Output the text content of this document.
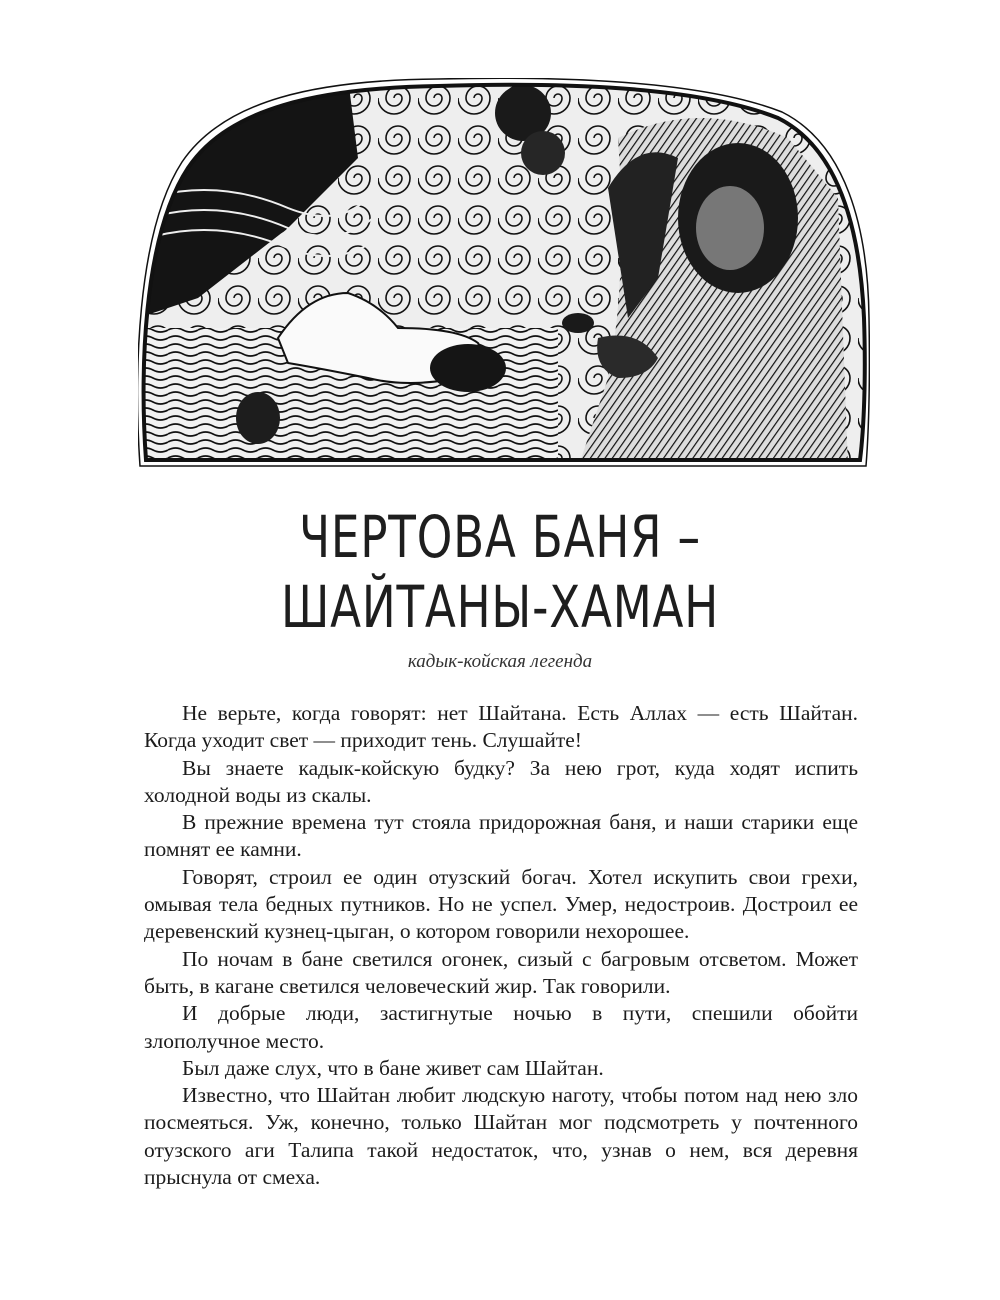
ЧЕРТОВА БАНЯ –
ШАЙТАНЫ-ХАМАН
кадык-койская легенда

Не верьте, когда говорят: нет Шайтана. Есть Аллах — есть Шайтан. Когда уходит свет — приходит тень. Слушайте!

Вы знаете кадык-койскую будку? За нею грот, куда ходят испить холодной воды из скалы.

В прежние времена тут стояла придорожная баня, и наши старики еще помнят ее камни.

Говорят, строил ее один отузский богач. Хотел искупить свои грехи, омывая тела бедных путников. Но не успел. Умер, недостроив. Достроил ее деревенский кузнец-цыган, о котором говорили нехорошее.

По ночам в бане светился огонек, сизый с багровым отсветом. Может быть, в кагане светился человеческий жир. Так говорили.

И добрые люди, застигнутые ночью в пути, спешили обойти злополучное место.

Был даже слух, что в бане живет сам Шайтан.

Известно, что Шайтан любит людскую наготу, чтобы потом над нею зло посмеяться. Уж, конечно, только Шайтан мог подсмотреть у почтенного отузского аги Талипа такой недостаток, что, узнав о нем, вся деревня прыснула от смеха.
